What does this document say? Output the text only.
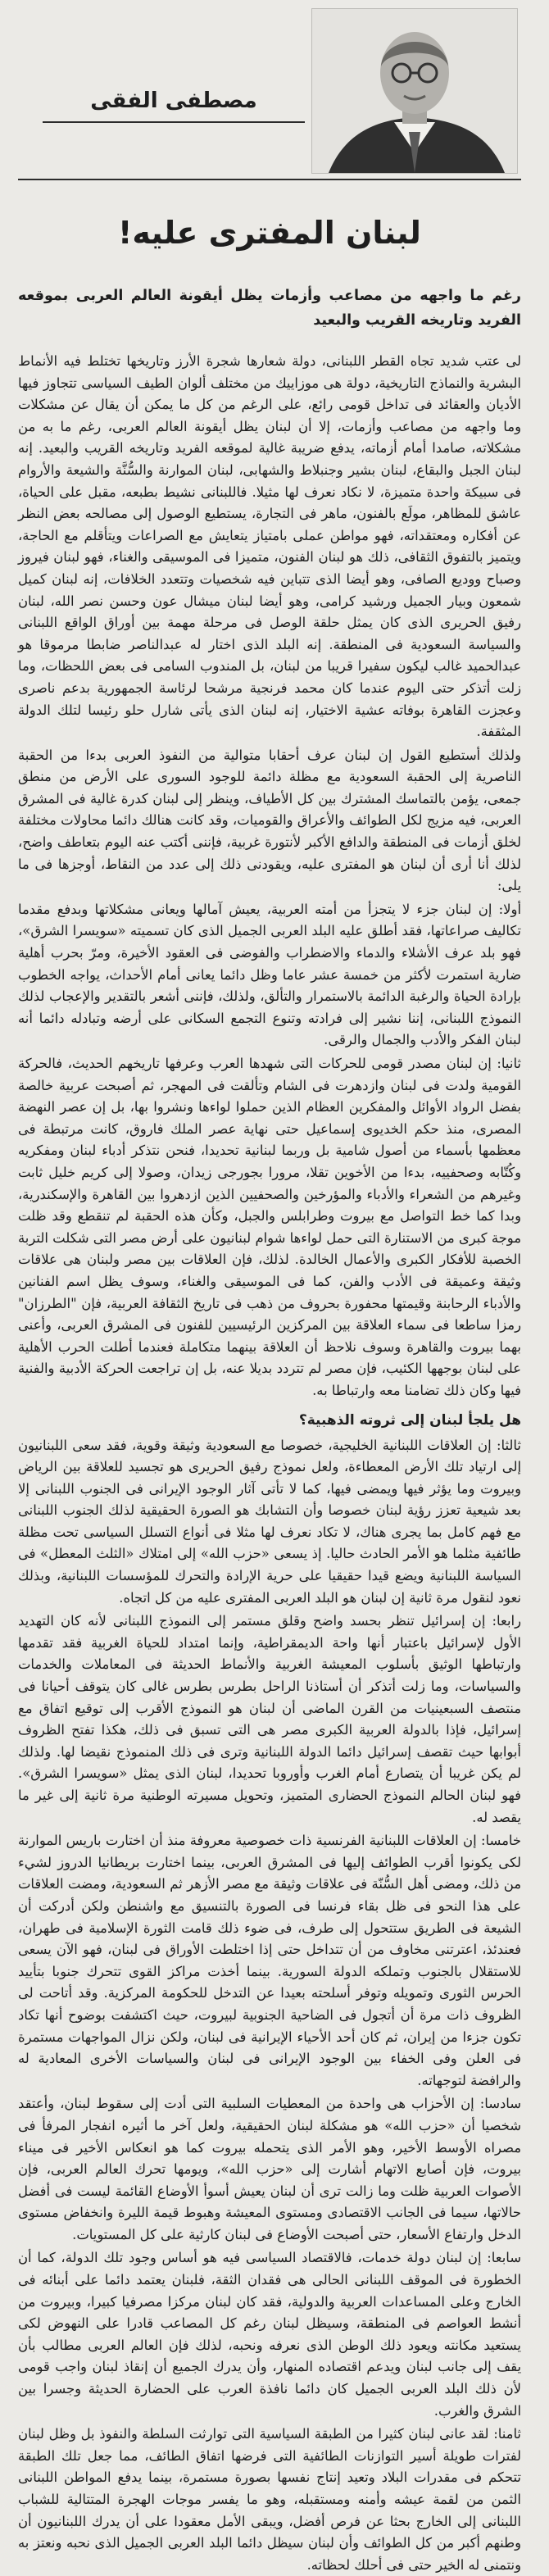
مصطفى الفقى
لبنان المفترى عليه!

رغم ما واجهه من مصاعب وأزمات يظل أيقونة العالم العربى بموقعه الفريد وتاريخه القريب والبعيد

لى عتب شديد تجاه القطر اللبنانى، دولة شعارها شجرة الأرز وتاريخها تختلط فيه الأنماط البشرية والنماذج التاريخية، دولة هى موزاييك من مختلف ألوان الطيف السياسى تتجاوز فيها الأديان والعقائد فى تداخل قومى رائع، على الرغم من كل ما يمكن أن يقال عن مشكلات وما واجهه من مصاعب وأزمات، إلا أن لبنان يظل أيقونة العالم العربى، رغم ما به من مشكلاته، صامدا أمام أزماته، يدفع ضريبة غالية لموقعه الفريد وتاريخه القريب والبعيد. إنه لبنان الجبل والبقاع، لبنان بشير وجنبلاط والشهابى، لبنان الموارنة والسُّنَّة والشيعة والأروام فى سبيكة واحدة متميزة، لا نكاد نعرف لها مثيلا. فاللبنانى نشيط بطبعه، مقبل على الحياة، عاشق للمظاهر، مولَع بالفنون، ماهر فى التجارة، يستطيع الوصول إلى مصالحه بعض النظر عن أفكاره ومعتقداته، فهو مواطن عملى بامتياز يتعايش مع الصراعات ويتأقلم مع الحاجة، ويتميز بالتفوق الثقافى، ذلك هو لبنان الفنون، متميزا فى الموسيقى والغناء، فهو لبنان فيروز وصباح ووديع الصافى، وهو أيضا الذى تتباين فيه شخصيات وتتعدد الخلافات، إنه لبنان كميل شمعون وبيار الجميل ورشيد كرامى، وهو أيضا لبنان ميشال عون وحسن نصر الله، لبنان رفيق الحريرى الذى كان يمثل حلقة الوصل فى مرحلة مهمة بين أوراق الواقع اللبنانى والسياسة السعودية فى المنطقة. إنه البلد الذى اختار له عبدالناصر ضابطا مرموقا هو عبدالحميد غالب ليكون سفيرا قريبا من لبنان، بل المندوب السامى فى بعض اللحظات، وما زلت أتذكر حتى اليوم عندما كان محمد فرنجية مرشحا لرئاسة الجمهورية بدعم ناصرى وعجزت القاهرة بوفاته عشية الاختيار، إنه لبنان الذى يأتى شارل حلو رئيسا لتلك الدولة المثقفة.

ولذلك أستطيع القول إن لبنان عرف أحقابا متوالية من النفوذ العربى بدءا من الحقبة الناصرية إلى الحقبة السعودية مع مظلة دائمة للوجود السورى على الأرض من منطق جمعى، يؤمن بالتماسك المشترك بين كل الأطياف، وينظر إلى لبنان كدرة غالية فى المشرق العربى، فيه مزيج لكل الطوائف والأعراق والقوميات، وقد كانت هنالك دائما محاولات مختلفة لخلق أزمات فى المنطقة والدافع الأكبر لأنتورة غربية، فإننى أكتب عنه اليوم بتعاطف واضح، لذلك أنا أرى أن لبنان هو المفترى عليه، ويقودنى ذلك إلى عدد من النقاط، أوجزها فى ما يلى:

أولا: إن لبنان جزء لا يتجزأ من أمته العربية، يعيش آمالها ويعانى مشكلاتها وبدفع مقدما تكاليف صراعاتها، فقد أطلق عليه البلد العربى الجميل الذى كان تسميته «سويسرا الشرق»، فهو بلد عرف الأشلاء والدماء والاضطراب والفوضى فى العقود الأخيرة، ومرّ بحرب أهلية ضارية استمرت لأكثر من خمسة عشر عاما وظل دائما يعانى أمام الأحداث، يواجه الخطوب بإرادة الحياة والرغبة الدائمة بالاستمرار والتألق، ولذلك، فإننى أشعر بالتقدير والإعجاب لذلك النموذج اللبنانى، إننا نشير إلى فرادته وتنوع التجمع السكانى على أرضه وتبادله دائما أنه لبنان الفكر والأدب والجمال والرقى.

ثانيا: إن لبنان مصدر قومى للحركات التى شهدها العرب وعرفها تاريخهم الحديث، فالحركة القومية ولدت فى لبنان وازدهرت فى الشام وتألقت فى المهجر، ثم أصبحت عربية خالصة بفضل الرواد الأوائل والمفكرين العظام الذين حملوا لواءها ونشروا بها، بل إن عصر النهضة المصرى، منذ حكم الخديوى إسماعيل حتى نهاية عصر الملك فاروق، كانت مرتبطة فى معظمها بأسماء من أصول شامية بل وربما لبنانية تحديدا، فنحن نتذكر أدباء لبنان ومفكريه وكُتّابه وصحفييه، بدءا من الأخوين تقلا، مرورا بجورجى زيدان، وصولا إلى كريم خليل ثابت وغيرهم من الشعراء والأدباء والمؤرخين والصحفيين الذين ازدهروا بين القاهرة والإسكندرية، وبدا كما خط التواصل مع بيروت وطرابلس والجبل، وكأن هذه الحقبة لم تنقطع وقد ظلت موجة كبرى من الاستنارة التى حمل لواءها شوام لبنانيون على أرض مصر التى شكلت التربة الخصبة للأفكار الكبرى والأعمال الخالدة. لذلك، فإن العلاقات بين مصر ولبنان هى علاقات وثيقة وعميقة فى الأدب والفن، كما فى الموسيقى والغناء، وسوف يظل اسم الفنانين والأدباء الرحابنة وقيمتها محفورة بحروف من ذهب فى تاريخ الثقافة العربية، فإن "الطرزان" رمزا ساطعا فى سماء العلاقة بين المركزين الرئيسيين للفنون فى المشرق العربى، وأعنى بهما بيروت والقاهرة وسوف نلاحظ أن العلاقة بينهما متكاملة فعندما أطلت الحرب الأهلية على لبنان بوجهها الكئيب، فإن مصر لم تتردد بديلا عنه، بل إن تراجعت الحركة الأدبية والفنية فيها وكان ذلك تضامنا معه وارتباطا به.

هل يلجأ لبنان إلى ثروته الذهبية؟

ثالثا: إن العلاقات اللبنانية الخليجية، خصوصا مع السعودية وثيقة وقوية، فقد سعى اللبنانيون إلى ارتياد تلك الأرض المعطاءة، ولعل نموذج رفيق الحريرى هو تجسيد للعلاقة بين الرياض وبيروت وما يؤثر فيها ويمضى فيها، كما لا تأتى آثار الوجود الإيرانى فى الجنوب اللبنانى إلا بعد شيعية تعزز رؤية لبنان خصوصا وأن التشابك هو الصورة الحقيقية لذلك الجنوب اللبنانى مع فهم كامل بما يجرى هناك، لا تكاد نعرف لها مثلا فى أنواع التسلل السياسى تحت مظلة طائفية مثلما هو الأمر الحادث حاليا. إذ يسعى «حزب الله» إلى امتلاك «الثلث المعطل» فى السياسة اللبنانية ويضع قيدا حقيقيا على حرية الإرادة والتحرك للمؤسسات اللبنانية، وبذلك نعود لنقول مرة ثانية إن لبنان هو البلد العربى المفترى عليه من كل اتجاه.

رابعا: إن إسرائيل تنظر بحسد واضح وقلق مستمر إلى النموذج اللبنانى لأنه كان التهديد الأول لإسرائيل باعتبار أنها واحة الديمقراطية، وإنما امتداد للحياة الغربية فقد تقدمها وارتباطها الوثيق بأسلوب المعيشة الغربية والأنماط الحديثة فى المعاملات والخدمات والسياسات، وما زلت أتذكر أن أستاذنا الراحل بطرس بطرس غالى كان يتوقف أحيانا فى منتصف السبعينيات من القرن الماضى أن لبنان هو النموذج الأقرب إلى توقيع اتفاق مع إسرائيل، فإذا بالدولة العربية الكبرى مصر هى التى تسبق فى ذلك، هكذا تفتح الظروف أبوابها حيث تقصف إسرائيل دائما الدولة اللبنانية وترى فى ذلك المنموذج نقيضا لها. ولذلك لم يكن غريبا أن يتصارع أمام الغرب وأوروبا تحديدا، لبنان الذى يمثل «سويسرا الشرق». فهو لبنان الحالم النموذج الحضارى المتميز، وتحويل مسيرته الوطنية مرة ثانية إلى غير ما يقصد له.

خامسا: إن العلاقات اللبنانية الفرنسية ذات خصوصية معروفة منذ أن اختارت باريس الموارنة لكى يكونوا أقرب الطوائف إليها فى المشرق العربى، بينما اختارت بريطانيا الدروز لشيء من ذلك، ومضى أهل السُّنّة فى علاقات وثيقة مع مصر الأزهر ثم السعودية، ومضت العلاقات على هذا النحو فى ظل بقاء فرنسا فى الصورة بالتنسيق مع واشنطن ولكن أدركت أن الشيعة فى الطريق ستتحول إلى طرف، فى ضوء ذلك قامت الثورة الإسلامية فى طهران، فعندئذ، اعترتنى مخاوف من أن تتداخل حتى إذا اختلطت الأوراق فى لبنان، فهو الآن يسعى للاستقلال بالجنوب وتملكه الدولة السورية. بينما أخذت مراكز القوى تتحرك جنوبا بتأييد الحرس الثورى وتمويله وتوفر أسلحته بعيدا عن التدخل للحكومة المركزية. وقد أتاحت لى الظروف ذات مرة أن أتجول فى الضاحية الجنوبية لبيروت، حيث اكتشفت بوضوح أنها تكاد تكون جزءا من إيران، ثم كان أحد الأحياء الإيرانية فى لبنان، ولكن نزال المواجهات مستمرة فى العلن وفى الخفاء بين الوجود الإيرانى فى لبنان والسياسات الأخرى المعادية له والرافضة لتوجهاته.

سادسا: إن الأحزاب هى واحدة من المعطيات السلبية التى أدت إلى سقوط لبنان، وأعتقد شخصيا أن «حزب الله» هو مشكلة لبنان الحقيقية، ولعل آخر ما أثيره انفجار المرفأ فى مصراه الأوسط الأخير، وهو الأمر الذى يتحمله بيروت كما هو انعكاس الأخير فى ميناء بيروت، فإن أصابع الاتهام أشارت إلى «حزب الله»، ويومها تحرك العالم العربى، فإن الأصوات العربية ظلت وما زالت ترى أن لبنان يعيش أسوأ الأوضاع القائمة ليست فى أفضل حالاتها، سيما فى الجانب الاقتصادى ومستوى المعيشة وهبوط قيمة الليرة وانخفاض مستوى الدخل وارتفاع الأسعار، حتى أصبحت الأوضاع فى لبنان كارثية على كل المستويات.

سابعا: إن لبنان دولة خدمات، فالاقتصاد السياسى فيه هو أساس وجود تلك الدولة، كما أن الخطورة فى الموقف اللبنانى الحالى هى فقدان الثقة، فلبنان يعتمد دائما على أبنائه فى الخارج وعلى المساعدات العربية والدولية، فقد كان لبنان مركزا مصرفيا كبيرا، وبيروت من أنشط العواصم فى المنطقة، وسيظل لبنان رغم كل المصاعب قادرا على النهوض لكى يستعيد مكانته ويعود ذلك الوطن الذى نعرفه ونحبه، لذلك فإن العالم العربى مطالب بأن يقف إلى جانب لبنان ويدعم اقتصاده المنهار، وأن يدرك الجميع أن إنقاذ لبنان واجب قومى لأن ذلك البلد العربى الجميل كان دائما نافذة العرب على الحضارة الحديثة وجسرا بين الشرق والغرب.

ثامنا: لقد عانى لبنان كثيرا من الطبقة السياسية التى توارثت السلطة والنفوذ بل وظل لبنان لفترات طويلة أسير التوازنات الطائفية التى فرضها اتفاق الطائف، مما جعل تلك الطبقة تتحكم فى مقدرات البلاد وتعيد إنتاج نفسها بصورة مستمرة، بينما يدفع المواطن اللبنانى الثمن من لقمة عيشه وأمنه ومستقبله، وهو ما يفسر موجات الهجرة المتتالية للشباب اللبنانى إلى الخارج بحثا عن فرص أفضل، ويبقى الأمل معقودا على أن يدرك اللبنانيون أن وطنهم أكبر من كل الطوائف وأن لبنان سيظل دائما البلد العربى الجميل الذى نحبه ونعتز به ونتمنى له الخير حتى فى أحلك لحظاته.
